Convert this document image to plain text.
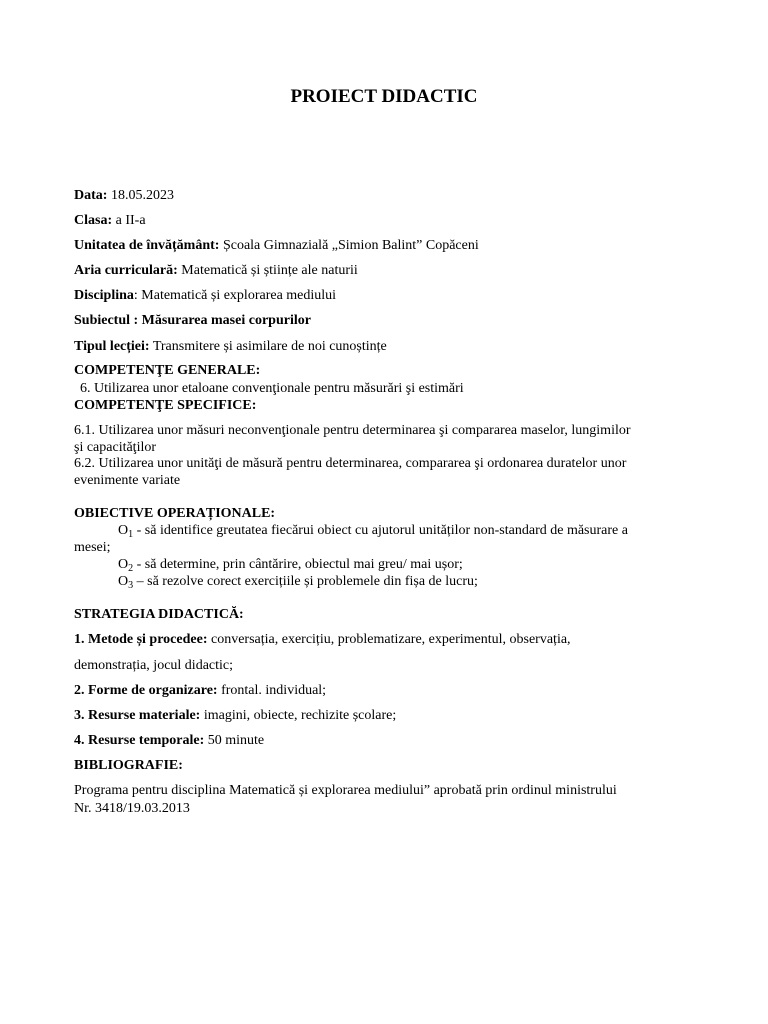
PROIECT DIDACTIC
Data: 18.05.2023
Clasa: a II-a
Unitatea de învățământ: Școala Gimnazială „Simion Balint” Copăceni
Aria curriculară: Matematică și științe ale naturii
Disciplina: Matematică și explorarea mediului
Subiectul : Măsurarea masei corpurilor
Tipul lecției: Transmitere și asimilare de noi cunoștințe
COMPETENŢE GENERALE:
6. Utilizarea unor etaloane convenţionale pentru măsurări şi estimări
COMPETENŢE SPECIFICE:
6.1. Utilizarea unor măsuri neconvenţionale pentru determinarea şi compararea maselor, lungimilor
şi capacităţilor
6.2. Utilizarea unor unităţi de măsură pentru determinarea, compararea şi ordonarea duratelor unor
evenimente variate
OBIECTIVE OPERAȚIONALE:
$O_1$ - să identifice greutatea fiecărui obiect cu ajutorul unităților non-standard de măsurare a
mesei;
$O_2$ - să determine, prin cântărire, obiectul mai greu/ mai ușor;
$O_3$ – să rezolve corect exercițiile și problemele din fișa de lucru;
STRATEGIA DIDACTICĂ:
1. Metode și procedee: conversația, exercițiu, problematizare, experimentul, observația,
demonstrația, jocul didactic;
2. Forme de organizare: frontal. individual;
3. Resurse materiale: imagini, obiecte, rechizite școlare;
4. Resurse temporale: 50 minute
BIBLIOGRAFIE:
Programa pentru disciplina Matematică și explorarea mediului” aprobată prin ordinul ministrului
Nr. 3418/19.03.2013
